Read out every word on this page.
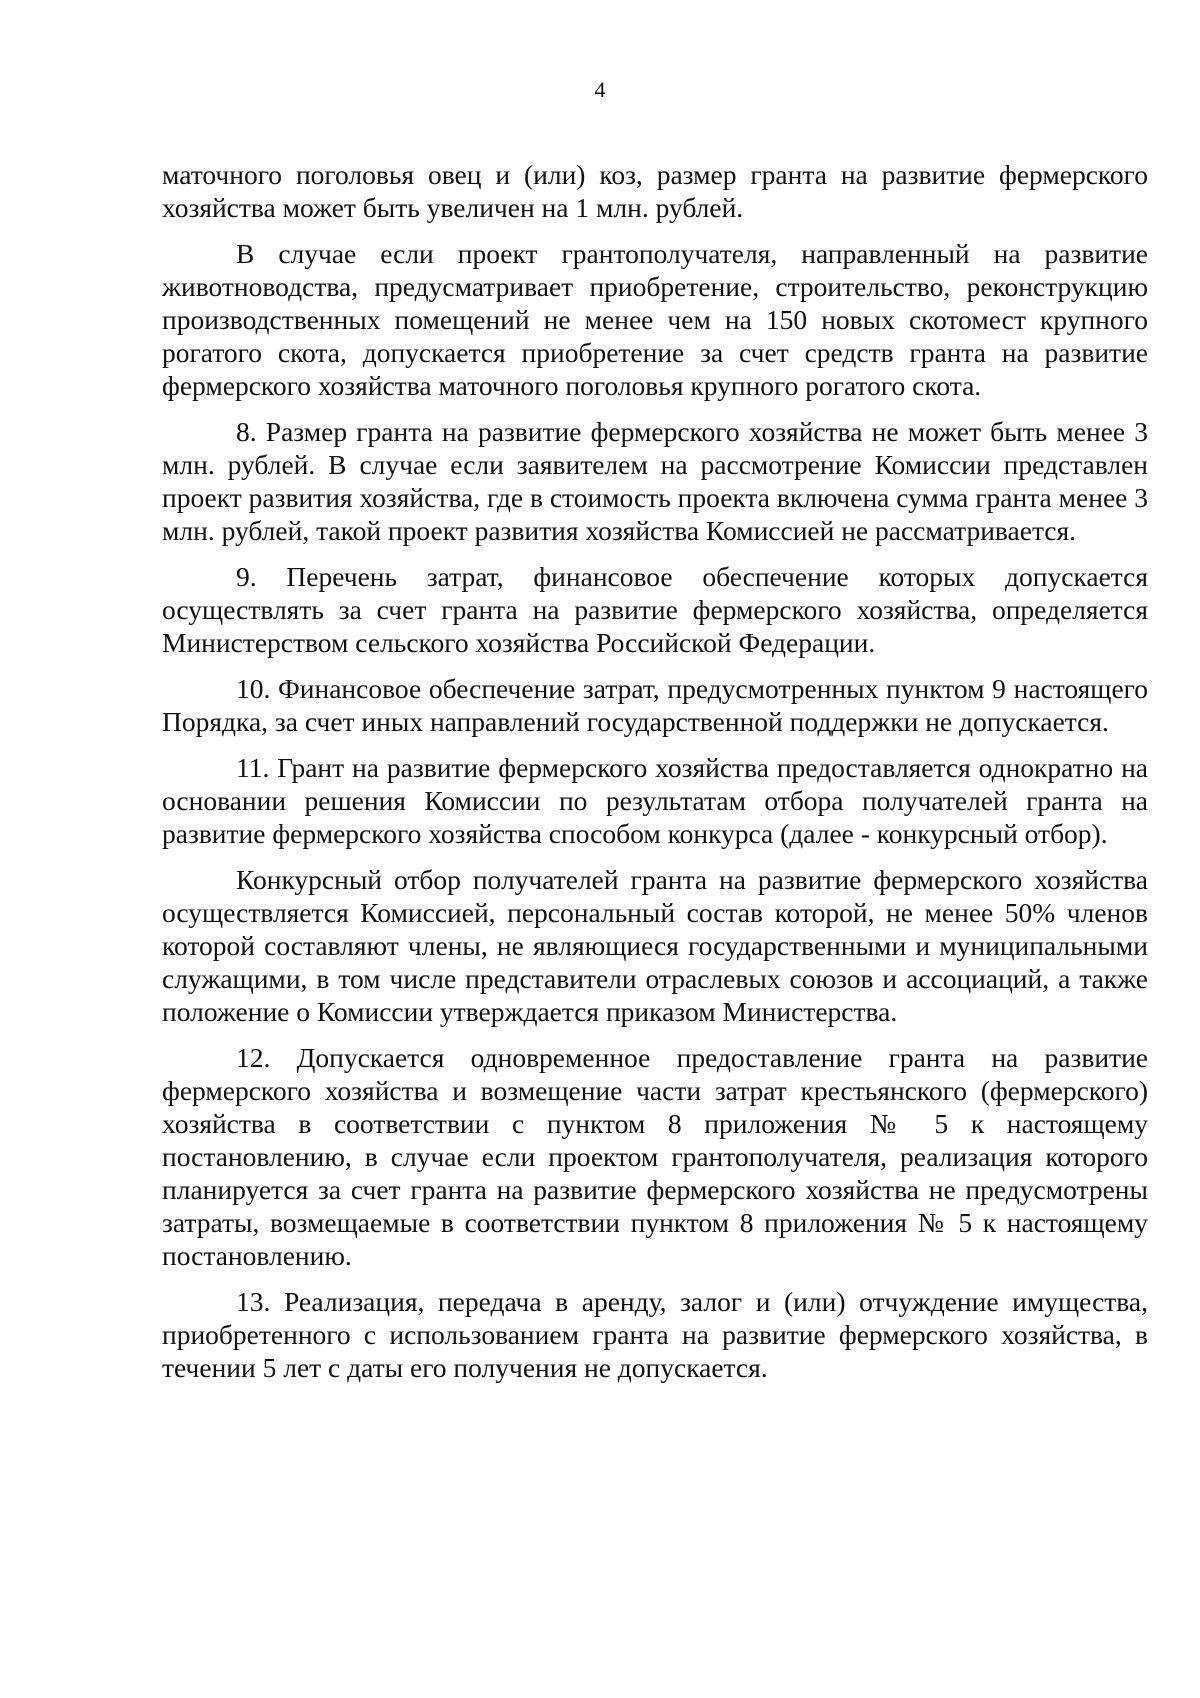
4

маточного поголовья овец и (или) коз, размер гранта на развитие фермерского хозяйства может быть увеличен на 1 млн. рублей.

В случае если проект грантополучателя, направленный на развитие животноводства, предусматривает приобретение, строительство, реконструкцию производственных помещений не менее чем на 150 новых скотомест крупного рогатого скота, допускается приобретение за счет средств гранта на развитие фермерского хозяйства маточного поголовья крупного рогатого скота.

8. Размер гранта на развитие фермерского хозяйства не может быть менее 3 млн. рублей. В случае если заявителем на рассмотрение Комиссии представлен проект развития хозяйства, где в стоимость проекта включена сумма гранта менее 3 млн. рублей, такой проект развития хозяйства Комиссией не рассматривается.

9. Перечень затрат, финансовое обеспечение которых допускается осуществлять за счет гранта на развитие фермерского хозяйства, определяется Министерством сельского хозяйства Российской Федерации.

10. Финансовое обеспечение затрат, предусмотренных пунктом 9 настоящего Порядка, за счет иных направлений государственной поддержки не допускается.

11. Грант на развитие фермерского хозяйства предоставляется однократно на основании решения Комиссии по результатам отбора получателей гранта на развитие фермерского хозяйства способом конкурса (далее - конкурсный отбор).

Конкурсный отбор получателей гранта на развитие фермерского хозяйства осуществляется Комиссией, персональный состав которой, не менее 50% членов которой составляют члены, не являющиеся государственными и муниципальными служащими, в том числе представители отраслевых союзов и ассоциаций, а также положение о Комиссии утверждается приказом Министерства.

12. Допускается одновременное предоставление гранта на развитие фермерского хозяйства и возмещение части затрат крестьянского (фермерского) хозяйства в соответствии с пунктом 8 приложения № 5 к настоящему постановлению, в случае если проектом грантополучателя, реализация которого планируется за счет гранта на развитие фермерского хозяйства не предусмотрены затраты, возмещаемые в соответствии пунктом 8 приложения № 5 к настоящему постановлению.

13. Реализация, передача в аренду, залог и (или) отчуждение имущества, приобретенного с использованием гранта на развитие фермерского хозяйства, в течении 5 лет с даты его получения не допускается.
